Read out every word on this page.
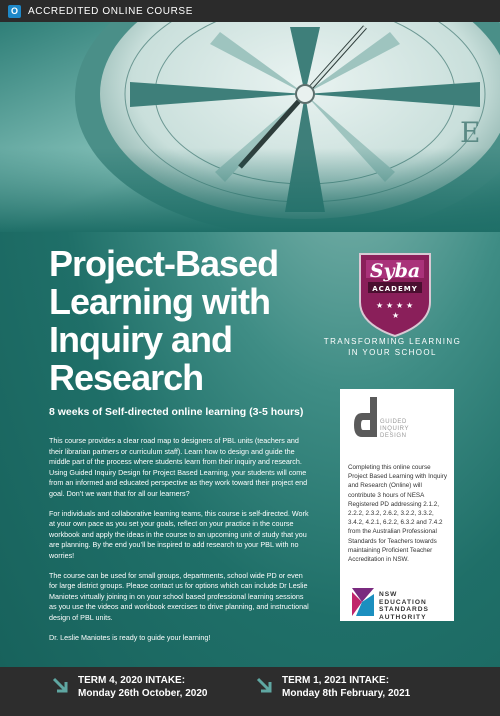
O	ACCREDITED ONLINE COURSE
Project-Based
Learning with
Inquiry and
Research
Syba
ACADEMY
★ ★ ★ ★
★
TRANSFORMING LEARNING
IN YOUR SCHOOL
8 weeks of Self-directed online learning (3-5 hours)

This course provides a clear road map to designers of PBL units (teachers and their librarian partners or curriculum staff). Learn how to design and guide the middle part of the process where students learn from their inquiry and research. Using Guided Inquiry Design for Project Based Learning, your students will come from an informed and educated perspective as they work toward their project end goal. Don’t we want that for all our learners?

For individuals and collaborative learning teams, this course is self-directed. Work at your own pace as you set your goals, reflect on your practice in the course workbook and apply the ideas in the course to an upcoming unit of study that you are planning. By the end you’ll be inspired to add research to your PBL with no worries!

The course can be used for small groups, departments, school wide PD or even for large district groups. Please contact us for options which can include Dr Leslie Maniotes virtually joining in on your school based professional learning sessions as you use the videos and workbook exercises to drive planning, and instructional design of PBL units.

Dr. Leslie Maniotes is ready to guide your learning!

GUIDED
INQUIRY
DESIGN
Completing this online course Project Based Learning with Inquiry and Research (Online) will contribute 3 hours of NESA Registered PD addressing 2.1.2, 2.2.2, 2.3.2, 2.6.2, 3.2.2, 3.3.2, 3.4.2, 4.2.1, 6.2.2, 6.3.2 and 7.4.2 from the Australian Professional Standards for Teachers towards maintaining Proficient Teacher Accreditation in NSW.
NSW
EDUCATION
STANDARDS
AUTHORITY
TERM 4, 2020 INTAKE:
Monday 26th October, 2020
TERM 1, 2021 INTAKE:
Monday 8th February, 2021
